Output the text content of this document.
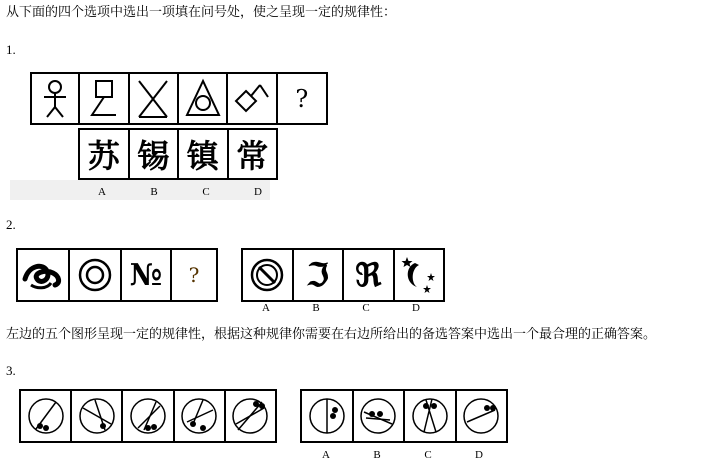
从下面的四个选项中选出一项填在问号处，使之呈现一定的规律性：
1.
?
苏 锡 镇 常
A	B	C	D
2.
№	?	ℑ ℜ
A	B	C	D
左边的五个图形呈现一定的规律性，根据这种规律你需要在右边所给出的备选答案中选出一个最合理的正确答案。
3.
A	B	C	D
